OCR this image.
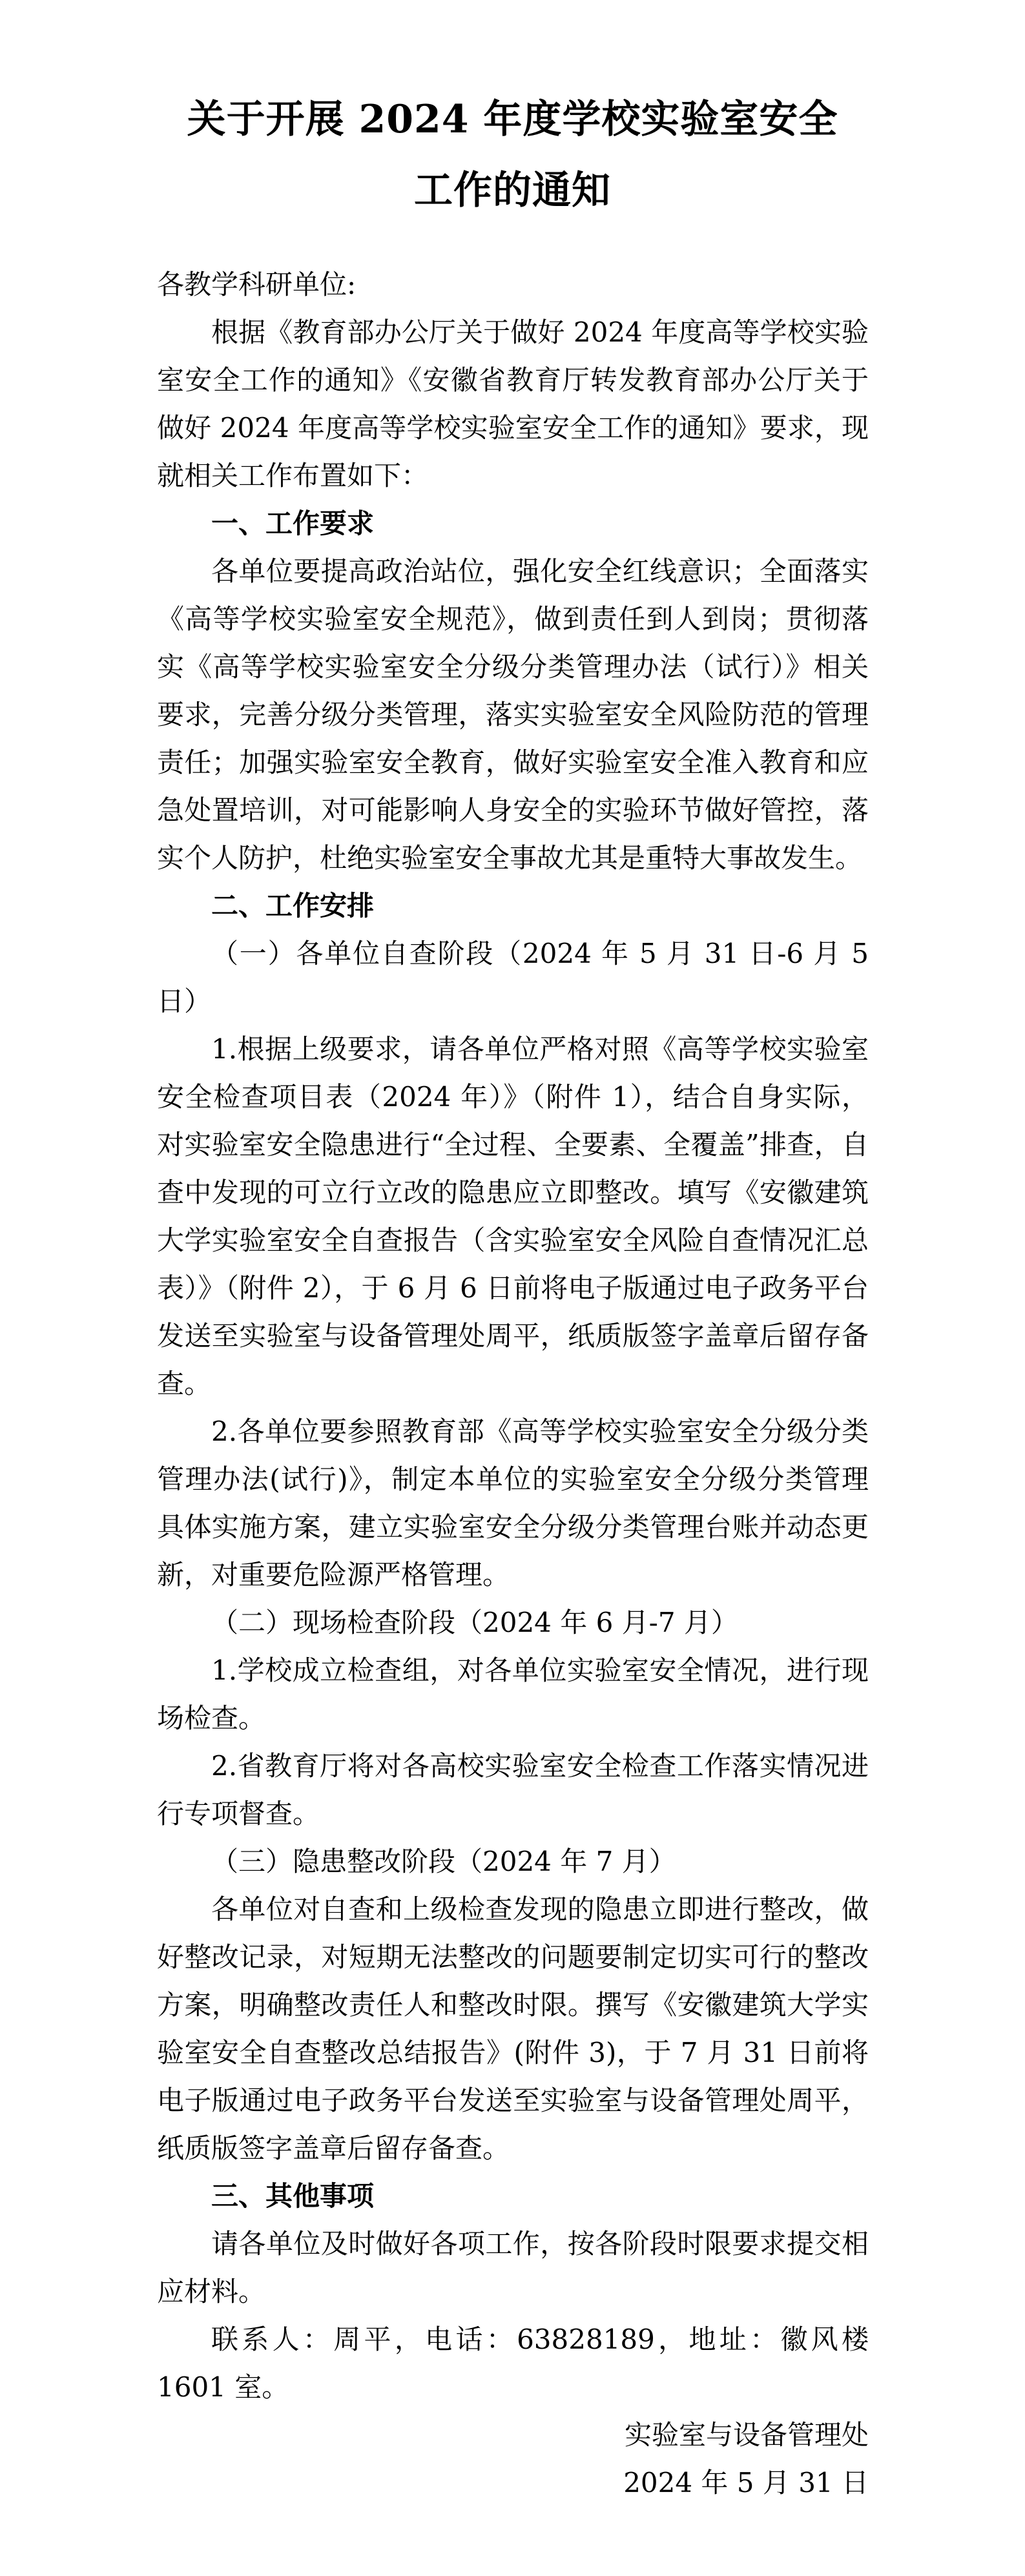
关于开展 2024 年度学校实验室安全
工作的通知
各教学科研单位:

根据《教育部办公厅关于做好 2024 年度高等学校实验室安全工作的通知》《安徽省教育厅转发教育部办公厅关于做好 2024 年度高等学校实验室安全工作的通知》要求，现就相关工作布置如下：

一、工作要求

各单位要提高政治站位，强化安全红线意识；全面落实《高等学校实验室安全规范》，做到责任到人到岗；贯彻落实《高等学校实验室安全分级分类管理办法（试行）》相关要求，完善分级分类管理，落实实验室安全风险防范的管理责任；加强实验室安全教育，做好实验室安全准入教育和应急处置培训，对可能影响人身安全的实验环节做好管控，落实个人防护，杜绝实验室安全事故尤其是重特大事故发生。

二、工作安排
（一）各单位自查阶段（2024 年 5 月 31 日-6 月 5 日）

1.根据上级要求，请各单位严格对照《高等学校实验室安全检查项目表（2024 年）》（附件 1），结合自身实际，对实验室安全隐患进行“全过程、全要素、全覆盖”排查，自查中发现的可立行立改的隐患应立即整改。填写《安徽建筑大学实验室安全自查报告（含实验室安全风险自查情况汇总表）》（附件 2），于 6 月 6 日前将电子版通过电子政务平台发送至实验室与设备管理处周平，纸质版签字盖章后留存备查。

2.各单位要参照教育部《高等学校实验室安全分级分类管理办法(试行)》，制定本单位的实验室安全分级分类管理具体实施方案，建立实验室安全分级分类管理台账并动态更新，对重要危险源严格管理。

（二）现场检查阶段（2024 年 6 月-7 月）

1.学校成立检查组，对各单位实验室安全情况，进行现场检查。

2.省教育厅将对各高校实验室安全检查工作落实情况进行专项督查。

（三）隐患整改阶段（2024 年 7 月）

各单位对自查和上级检查发现的隐患立即进行整改，做好整改记录，对短期无法整改的问题要制定切实可行的整改方案，明确整改责任人和整改时限。撰写《安徽建筑大学实验室安全自查整改总结报告》(附件 3)，于 7 月 31 日前将电子版通过电子政务平台发送至实验室与设备管理处周平，纸质版签字盖章后留存备查。

三、其他事项

请各单位及时做好各项工作，按各阶段时限要求提交相应材料。

联系人：周平，电话：63828189，地址：徽风楼 1601 室。

实验室与设备管理处
2024 年 5 月 31 日
